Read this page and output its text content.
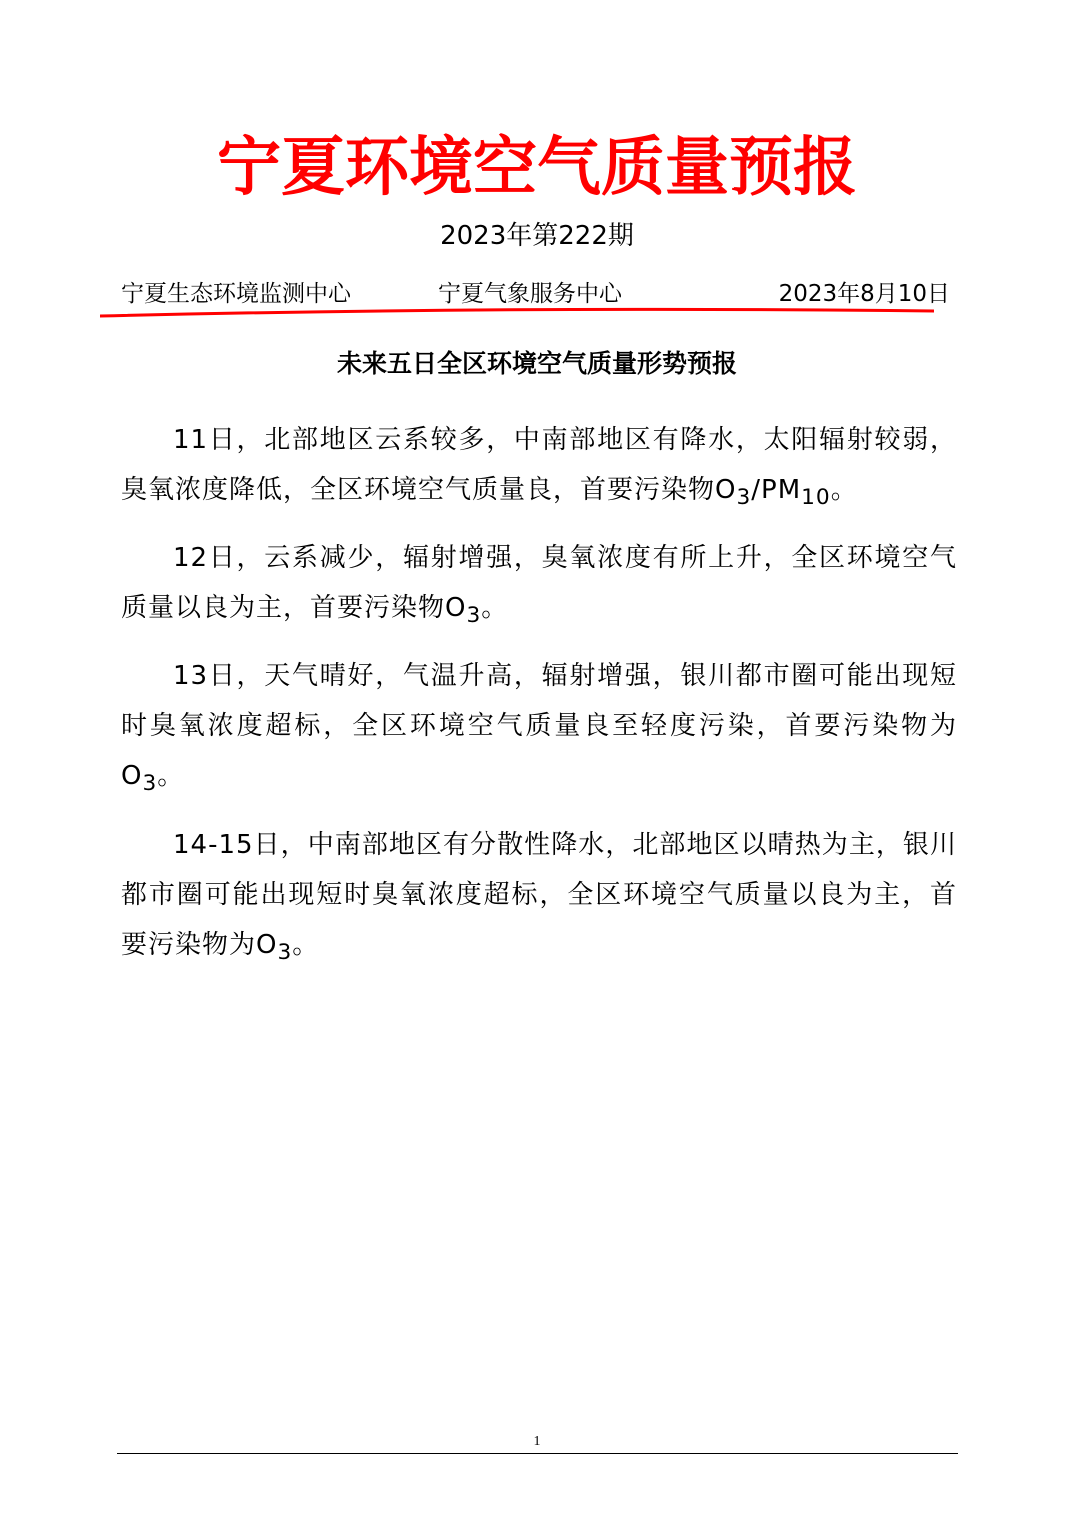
宁夏环境空气质量预报
2023年第222期
宁夏生态环境监测中心	宁夏气象服务中心	2023年8月10日
未来五日全区环境空气质量形势预报

11日，北部地区云系较多，中南部地区有降水，太阳辐射较弱，臭氧浓度降低，全区环境空气质量良，首要污染物$O_3/PM_{10}$。

12日，云系减少，辐射增强，臭氧浓度有所上升，全区环境空气质量以良为主，首要污染物$O_3$。

13日，天气晴好，气温升高，辐射增强，银川都市圈可能出现短时臭氧浓度超标，全区环境空气质量良至轻度污染，首要污染物为$O_3$。

14-15日，中南部地区有分散性降水，北部地区以晴热为主，银川都市圈可能出现短时臭氧浓度超标，全区环境空气质量以良为主，首要污染物为$O_3$。

1
